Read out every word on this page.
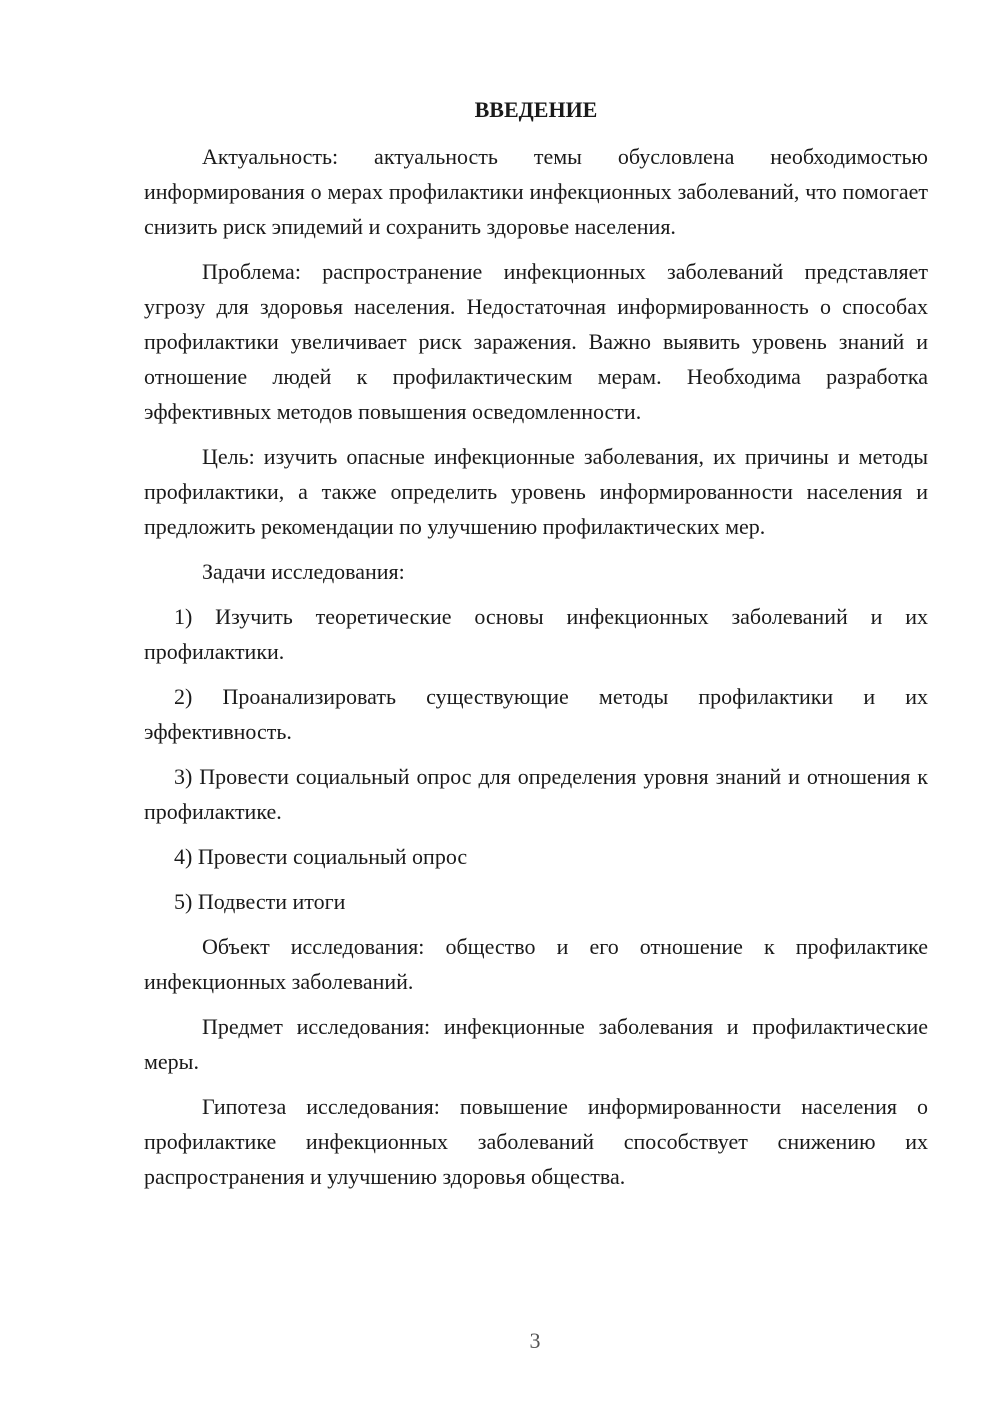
ВВЕДЕНИЕ

Актуальность: актуальность темы обусловлена необходимостью информирования о мерах профилактики инфекционных заболеваний, что помогает снизить риск эпидемий и сохранить здоровье населения.

Проблема: распространение инфекционных заболеваний представляет угрозу для здоровья населения. Недостаточная информированность о способах профилактики увеличивает риск заражения. Важно выявить уровень знаний и отношение людей к профилактическим мерам. Необходима разработка эффективных методов повышения осведомленности.

Цель: изучить опасные инфекционные заболевания, их причины и методы профилактики, а также определить уровень информированности населения и предложить рекомендации по улучшению профилактических мер.

Задачи исследования:

1) Изучить теоретические основы инфекционных заболеваний и их профилактики.

2) Проанализировать существующие методы профилактики и их эффективность.

3) Провести социальный опрос для определения уровня знаний и отношения к профилактике.

4) Провести социальный опрос

5) Подвести итоги

Объект исследования: общество и его отношение к профилактике инфекционных заболеваний.

Предмет исследования: инфекционные заболевания и профилактические меры.

Гипотеза исследования: повышение информированности населения о профилактике инфекционных заболеваний способствует снижению их распространения и улучшению здоровья общества.

3
